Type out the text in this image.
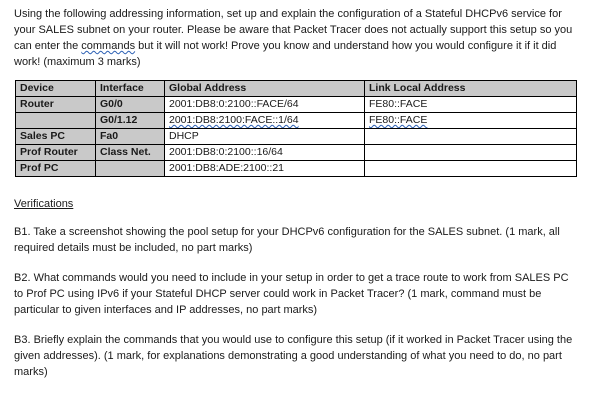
Using the following addressing information, set up and explain the configuration of a Stateful DHCPv6 service for your SALES subnet on your router. Please be aware that Packet Tracer does not actually support this setup so you can enter the commands but it will not work! Prove you know and understand how you would configure it if it did work! (maximum 3 marks)

Device	Interface	Global Address	Link Local Address
Router	G0/0	2001:DB8:0:2100::FACE/64	FE80::FACE
	G0/1.12	2001:DB8:2100:FACE::1/64	FE80::FACE
Sales PC	Fa0	DHCP	
Prof Router	Class Net.	2001:DB8:0:2100::16/64	
Prof PC		2001:DB8:ADE:2100::21	

Verifications

B1. Take a screenshot showing the pool setup for your DHCPv6 configuration for the SALES subnet. (1 mark, all required details must be included, no part marks)

B2. What commands would you need to include in your setup in order to get a trace route to work from SALES PC to Prof PC using IPv6 if your Stateful DHCP server could work in Packet Tracer? (1 mark, command must be particular to given interfaces and IP addresses, no part marks)

B3. Briefly explain the commands that you would use to configure this setup (if it worked in Packet Tracer using the given addresses). (1 mark, for explanations demonstrating a good understanding of what you need to do, no part marks)
